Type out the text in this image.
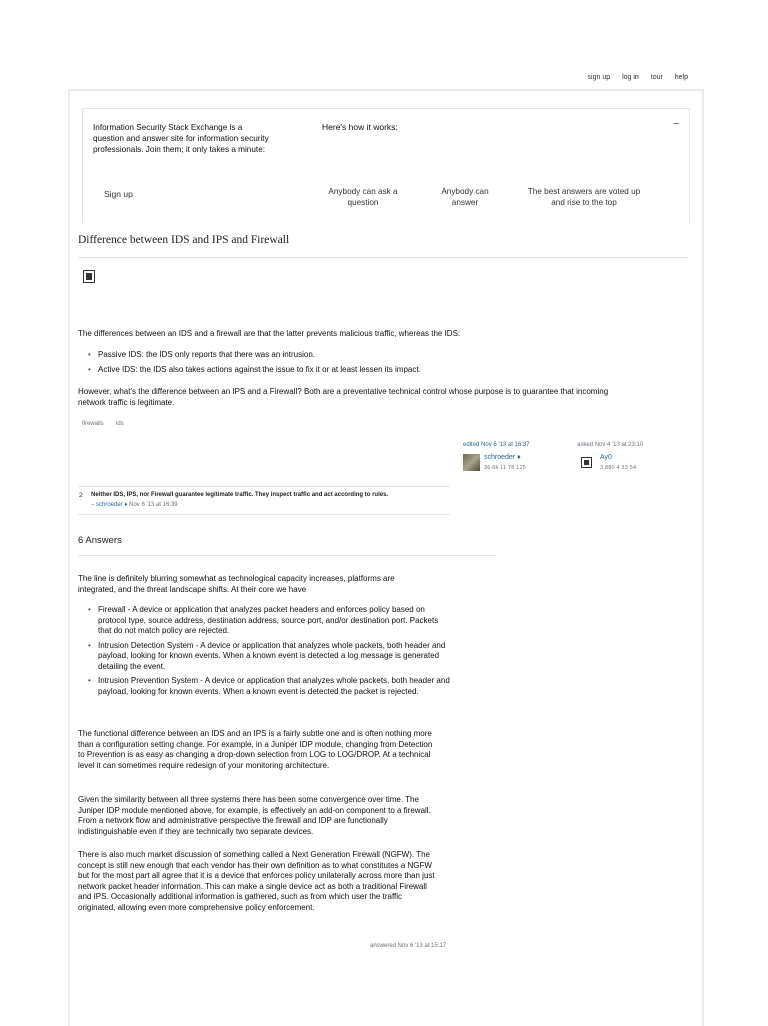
sign up log in tour help
Information Security Stack Exchange is a question and answer site for information security professionals. Join them; it only takes a minute:
Here's how it works:	–
Sign up	Anybody can ask a question
Anybody can answer
The best answers are voted up and rise to the top
Difference between IDS and IPS and Firewall
The differences between an IDS and a firewall are that the latter prevents malicious traffic, whereas the IDS:
• Passive IDS: the IDS only reports that there was an intrusion.
• Active IDS: the IDS also takes actions against the issue to fix it or at least lessen its impact.
However, what's the difference between an IPS and a Firewall? Both are a preventative technical control whose purpose is to guarantee that incoming network traffic is legitimate.
firewalls ids
edited Nov 6 '13 at 16:37
schroeder ♦
36.6k 11 78 125
asked Nov 4 '13 at 23:10
Ay0
3,880 4 33 54
2 Neither IDS, IPS, nor Firewall guarantee legitimate traffic. They inspect traffic and act according to rules.
– schroeder ♦ Nov 6 '13 at 16:39
6 Answers
The line is definitely blurring somewhat as technological capacity increases, platforms are integrated, and the threat landscape shifts. At their core we have
• Firewall - A device or application that analyzes packet headers and enforces policy based on protocol type, source address, destination address, source port, and/or destination port. Packets that do not match policy are rejected.
• Intrusion Detection System - A device or application that analyzes whole packets, both header and payload, looking for known events. When a known event is detected a log message is generated detailing the event.
• Intrusion Prevention System - A device or application that analyzes whole packets, both header and payload, looking for known events. When a known event is detected the packet is rejected.
The functional difference between an IDS and an IPS is a fairly subtle one and is often nothing more than a configuration setting change. For example, in a Juniper IDP module, changing from Detection to Prevention is as easy as changing a drop-down selection from LOG to LOG/DROP. At a technical level it can sometimes require redesign of your monitoring architecture.
Given the similarity between all three systems there has been some convergence over time. The Juniper IDP module mentioned above, for example, is effectively an add-on component to a firewall. From a network flow and administrative perspective the firewall and IDP are functionally indistinguishable even if they are technically two separate devices.
There is also much market discussion of something called a Next Generation Firewall (NGFW). The concept is still new enough that each vendor has their own definition as to what constitutes a NGFW but for the most part all agree that it is a device that enforces policy unilaterally across more than just network packet header information. This can make a single device act as both a traditional Firewall and IPS. Occasionally additional information is gathered, such as from which user the traffic originated, allowing even more comprehensive policy enforcement.
answered Nov 6 '13 at 15:17
